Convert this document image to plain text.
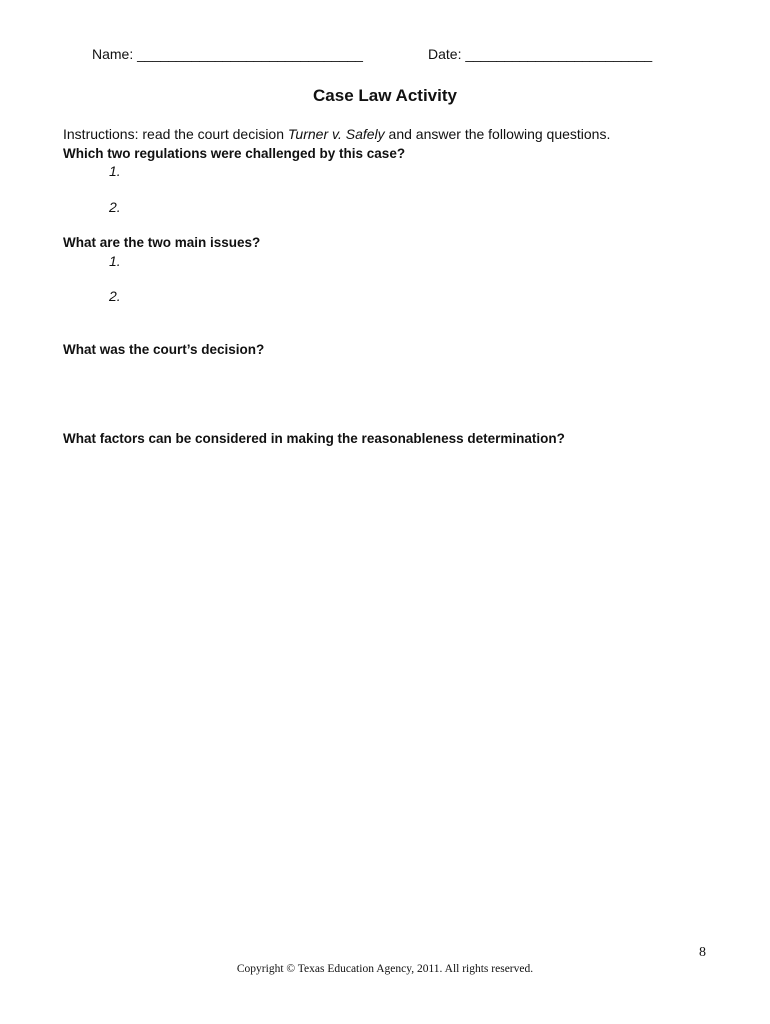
Name: _____________________________	Date: ________________________
Case Law Activity
Instructions: read the court decision Turner v. Safely and answer the following questions.
Which two regulations were challenged by this case?
1.
2.
What are the two main issues?
1.
2.
What was the court’s decision?
What factors can be considered in making the reasonableness determination?
8
Copyright © Texas Education Agency, 2011. All rights reserved.
